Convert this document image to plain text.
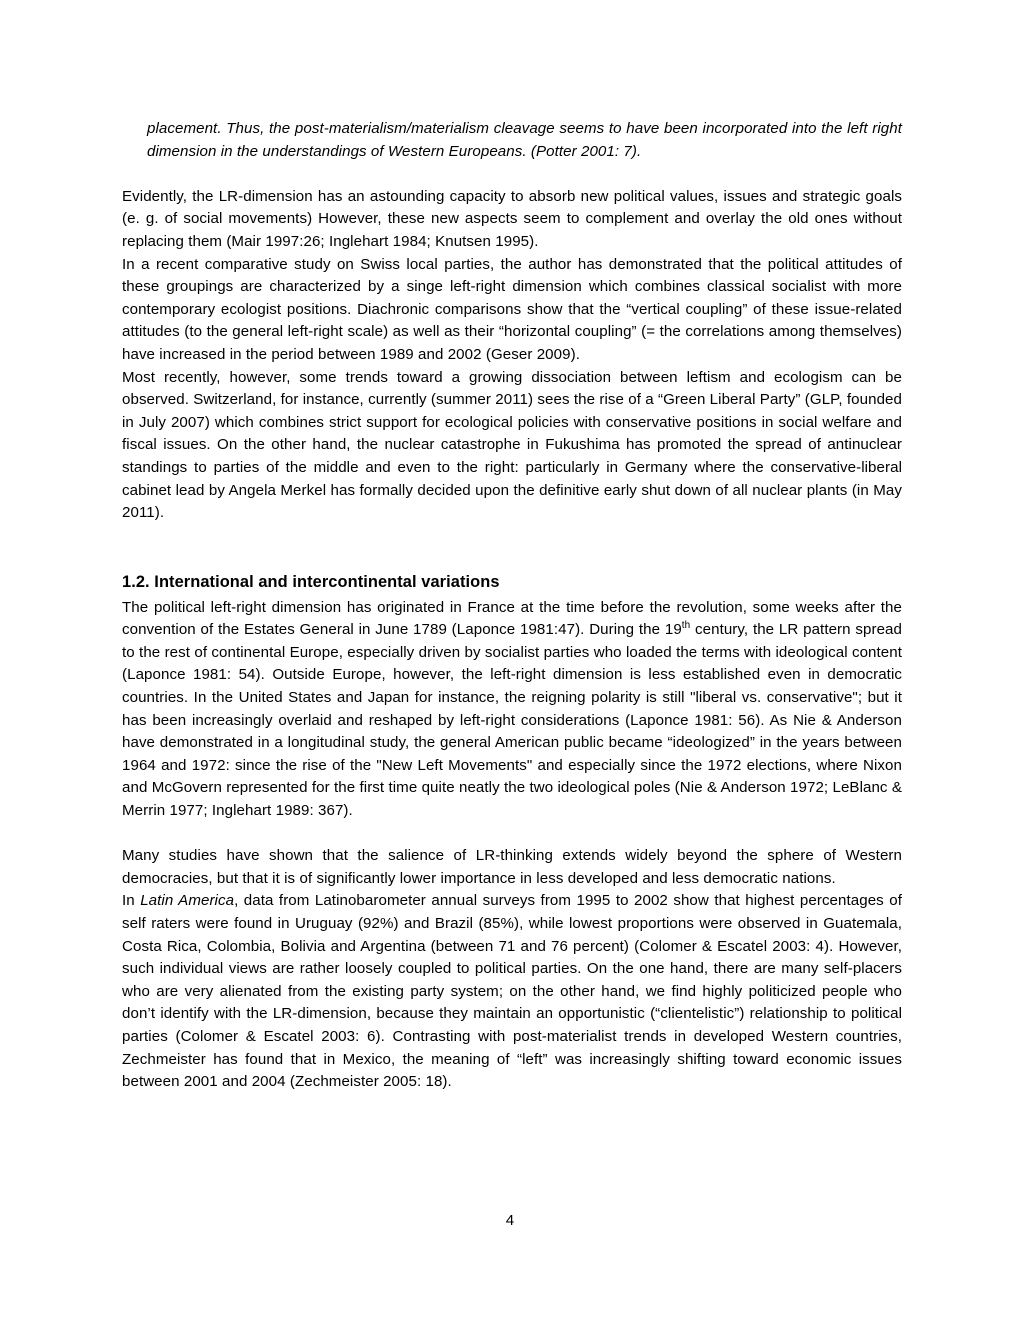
placement. Thus, the post-materialism/materialism cleavage seems to have been incorporated into the left right dimension in the understandings of Western Europeans. (Potter 2001: 7).

Evidently, the LR-dimension has an astounding capacity to absorb new political values, issues and strategic goals (e. g. of social movements) However, these new aspects seem to complement and overlay the old ones without replacing them (Mair 1997:26; Inglehart 1984; Knutsen 1995).

In a recent comparative study on Swiss local parties, the author has demonstrated that the political attitudes of these groupings are characterized by a singe left-right dimension which combines classical socialist with more contemporary ecologist positions. Diachronic comparisons show that the “vertical coupling” of these issue-related attitudes (to the general left-right scale) as well as their “horizontal coupling” (= the correlations among themselves) have increased in the period between 1989 and 2002 (Geser 2009).

Most recently, however, some trends toward a growing dissociation between leftism and ecologism can be observed. Switzerland, for instance, currently (summer 2011) sees the rise of a “Green Liberal Party” (GLP, founded in July 2007) which combines strict support for ecological policies with conservative positions in social welfare and fiscal issues. On the other hand, the nuclear catastrophe in Fukushima has promoted the spread of antinuclear standings to parties of the middle and even to the right: particularly in Germany where the conservative-liberal cabinet lead by Angela Merkel has formally decided upon the definitive early shut down of all nuclear plants (in May 2011).

1.2. International and intercontinental variations

The political left-right dimension has originated in France at the time before the revolution, some weeks after the convention of the Estates General in June 1789 (Laponce 1981:47). During the 19th century, the LR pattern spread to the rest of continental Europe, especially driven by socialist parties who loaded the terms with ideological content (Laponce 1981: 54). Outside Europe, however, the left-right dimension is less established even in democratic countries. In the United States and Japan for instance, the reigning polarity is still "liberal vs. conservative"; but it has been increasingly overlaid and reshaped by left-right considerations (Laponce 1981: 56). As Nie & Anderson have demonstrated in a longitudinal study, the general American public became “ideologized” in the years between 1964 and 1972: since the rise of the "New Left Movements" and especially since the 1972 elections, where Nixon and McGovern represented for the first time quite neatly the two ideological poles (Nie & Anderson 1972; LeBlanc & Merrin 1977; Inglehart 1989: 367).

Many studies have shown that the salience of LR-thinking extends widely beyond the sphere of Western democracies, but that it is of significantly lower importance in less developed and less democratic nations.

In Latin America, data from Latinobarometer annual surveys from 1995 to 2002 show that highest percentages of self raters were found in Uruguay (92%) and Brazil (85%), while lowest proportions were observed in Guatemala, Costa Rica, Colombia, Bolivia and Argentina (between 71 and 76 percent) (Colomer & Escatel 2003: 4). However, such individual views are rather loosely coupled to political parties. On the one hand, there are many self-placers who are very alienated from the existing party system; on the other hand, we find highly politicized people who don’t identify with the LR-dimension, because they maintain an opportunistic (“clientelistic”) relationship to political parties (Colomer & Escatel 2003: 6). Contrasting with post-materialist trends in developed Western countries, Zechmeister has found that in Mexico, the meaning of “left” was increasingly shifting toward economic issues between 2001 and 2004 (Zechmeister 2005: 18).

4
